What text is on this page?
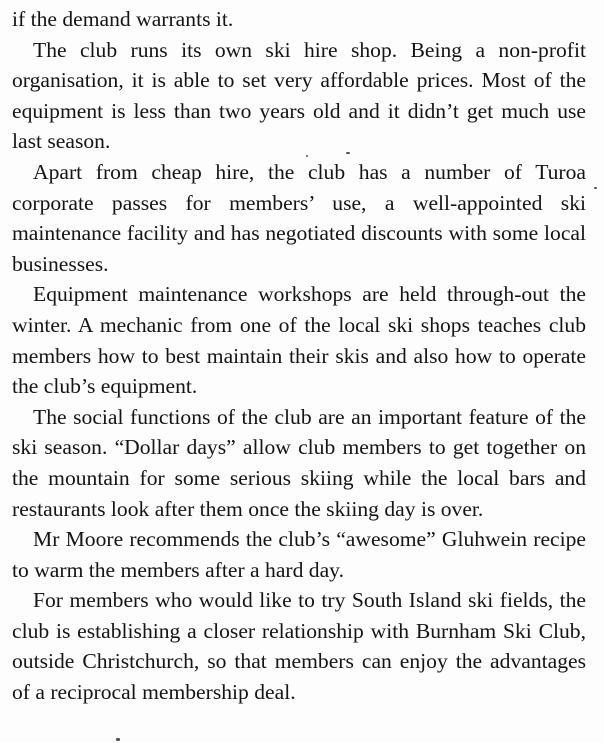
if the demand warrants it.

The club runs its own ski hire shop. Being a non-profit organisation, it is able to set very affordable prices. Most of the equipment is less than two years old and it didn’t get much use last season.

Apart from cheap hire, the club has a number of Turoa corporate passes for members’ use, a well-appointed ski maintenance facility and has negotiated discounts with some local businesses.

Equipment maintenance workshops are held through-out the winter. A mechanic from one of the local ski shops teaches club members how to best maintain their skis and also how to operate the club’s equipment.

The social functions of the club are an important feature of the ski season. “Dollar days” allow club members to get together on the mountain for some serious skiing while the local bars and restaurants look after them once the skiing day is over.

Mr Moore recommends the club’s “awesome” Gluhwein recipe to warm the members after a hard day.

For members who would like to try South Island ski fields, the club is establishing a closer relationship with Burnham Ski Club, outside Christchurch, so that members can enjoy the advantages of a reciprocal membership deal.
